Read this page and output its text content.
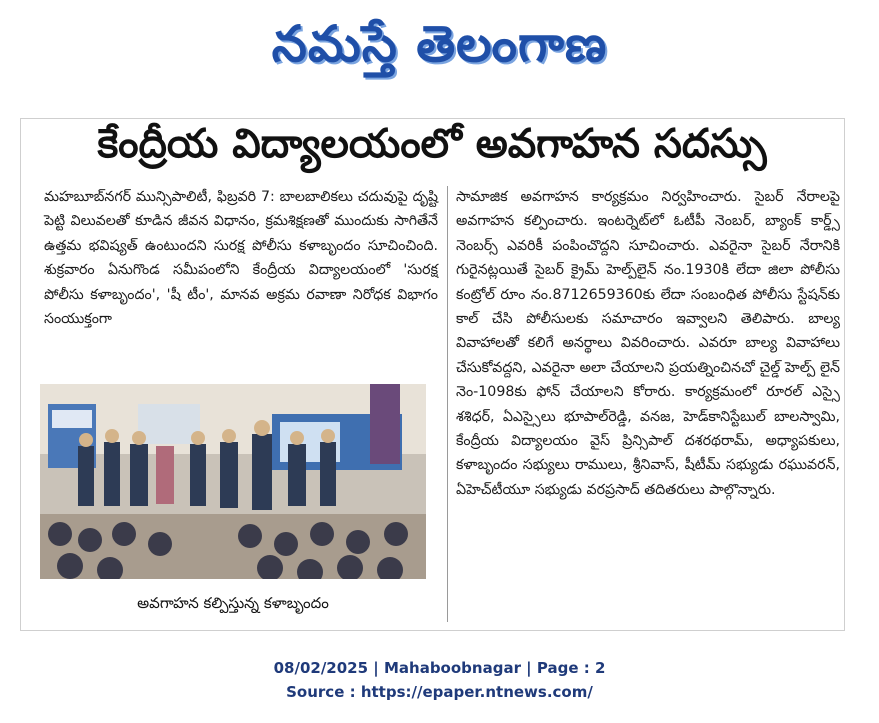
నమస్తే తెలంగాణ
కేంద్రీయ విద్యాలయంలో అవగాహన సదస్సు

మహబూబ్‌నగర్ మున్సిపాలిటీ, ఫిబ్రవరి 7: బాలబాలికలు చదువుపై దృష్టి పెట్టి విలువలతో కూడిన జీవన విధానం, క్రమశిక్షణతో ముందుకు సాగితేనే ఉత్తమ భవిష్యత్ ఉంటుందని సురక్ష పోలీసు కళాబృందం సూచించింది. శుక్రవారం ఏనుగొండ సమీపంలోని కేంద్రీయ విద్యాలయంలో 'సురక్ష పోలీసు కళాబృందం', 'షీ టీం', మానవ అక్రమ రవాణా నిరోధక విభాగం సంయుక్తంగా

సామాజిక అవగాహన కార్యక్రమం నిర్వహించారు. సైబర్ నేరాలపై అవగాహన కల్పించారు. ఇంటర్నెట్‌లో ఓటీపీ నెంబర్, బ్యాంక్ కార్డ్స్ నెంబర్స్ ఎవరికీ పంపించొద్దని సూచించారు. ఎవరైనా సైబర్ నేరానికి గురైనట్లయితే సైబర్ క్రైమ్ హెల్ప్‌లైన్ నం.1930కి లేదా జిలా పోలీసు కంట్రోల్ రూం నం.8712659360కు లేదా సంబంధిత పోలీసు స్టేషన్‌కు కాల్ చేసి పోలీసులకు సమాచారం ఇవ్వాలని తెలిపారు. బాల్య వివాహాలతో కలిగే అనర్థాలు వివరించారు. ఎవరూ బాల్య వివాహాలు చేసుకోవద్దని, ఎవరైనా అలా చేయాలని ప్రయత్నించినచో చైల్డ్ హెల్ప్ లైన్ నెం-1098కు ఫోన్ చేయాలని కోరారు. కార్యక్రమంలో రూరల్ ఎస్సై శశిధర్, ఏఎస్సైలు భూపాల్‌రెడ్డి, వనజ, హెడ్‌కానిస్టేబుల్ బాలస్వామి, కేంద్రీయ విద్యాలయం వైస్ ప్రిన్సిపాల్ దశరథరామ్, అధ్యాపకులు, కళాబృందం సభ్యులు రాములు, శ్రీనివాస్, షీటీమ్ సభ్యుడు రఘువరన్, ఏహెచ్‌టీయూ సభ్యుడు వరప్రసాద్ తదితరులు పాల్గొన్నారు.

అవగాహన కల్పిస్తున్న కళాబృందం
08/02/2025 | Mahaboobnagar | Page : 2
Source : https://epaper.ntnews.com/
